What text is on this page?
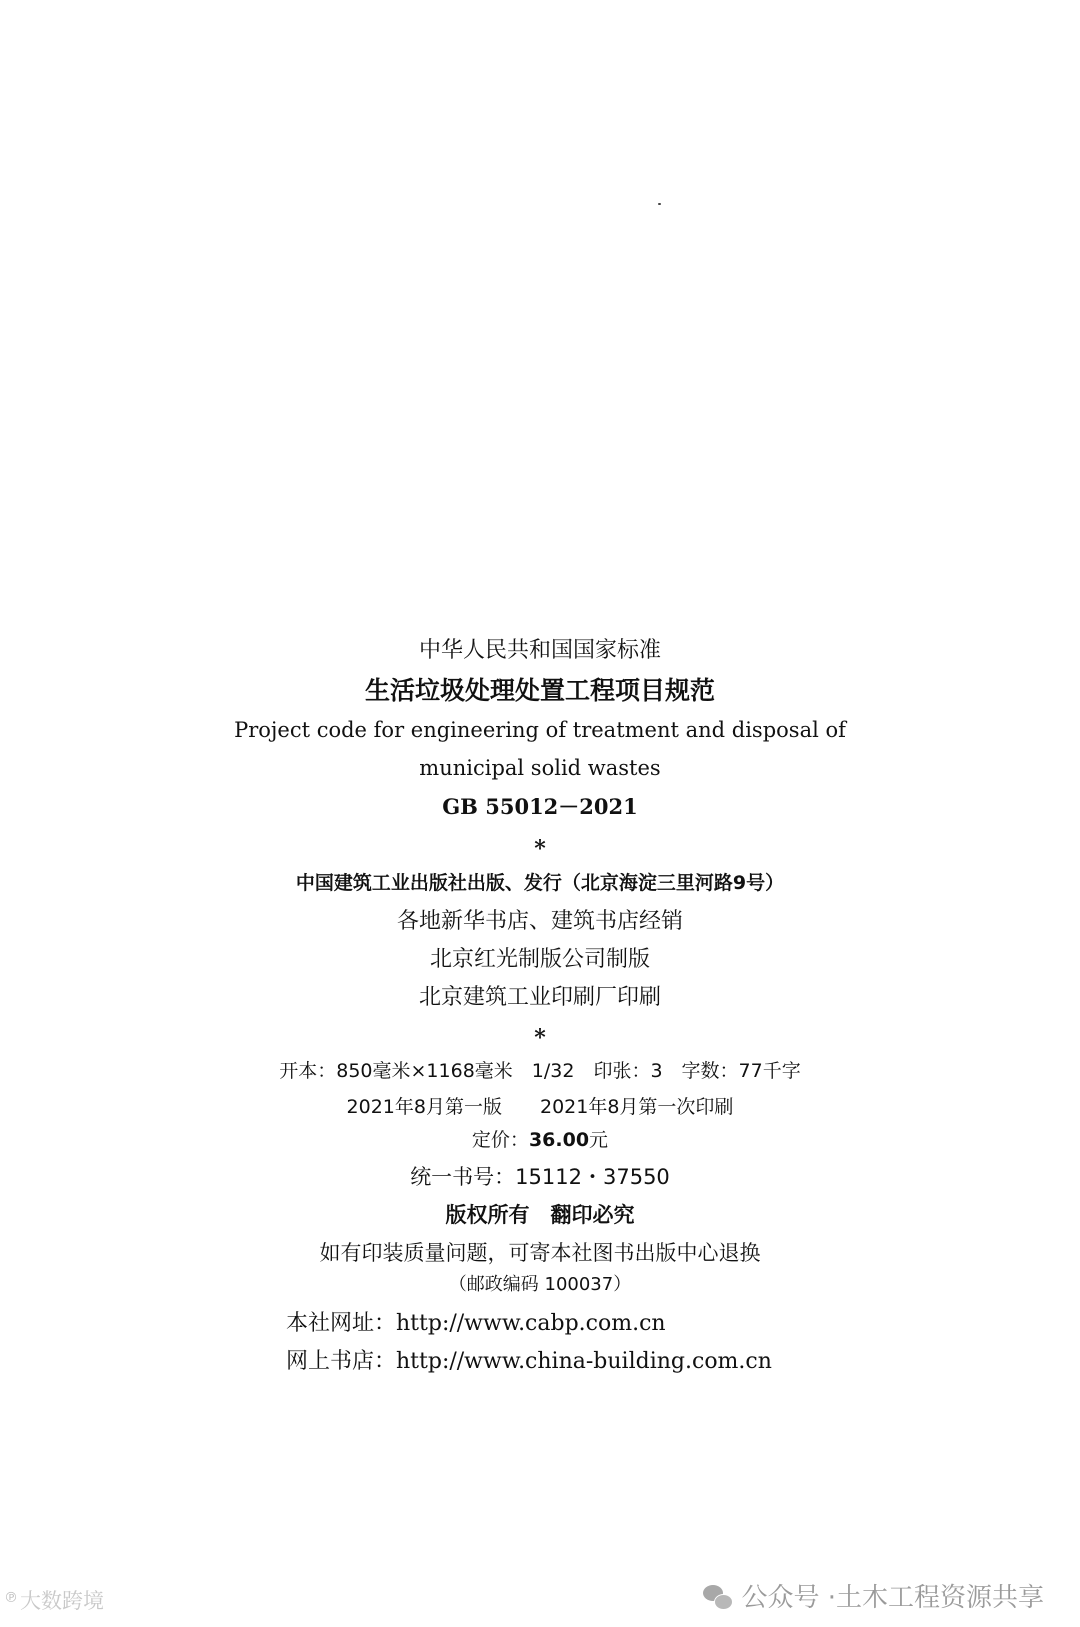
中华人民共和国国家标准
生活垃圾处理处置工程项目规范
Project code for engineering of treatment and disposal of
municipal solid wastes
GB 55012－2021
*
中国建筑工业出版社出版、发行（北京海淀三里河路9号）
各地新华书店、建筑书店经销
北京红光制版公司制版
北京建筑工业印刷厂印刷
*
开本：850毫米×1168毫米　1/32　印张：3　字数：77千字
2021年8月第一版　　2021年8月第一次印刷
定价：36.00元
统一书号：15112・37550
版权所有　翻印必究
如有印装质量问题，可寄本社图书出版中心退换
（邮政编码 100037）
本社网址：http://www.cabp.com.cn
网上书店：http://www.china-building.com.cn
℗大数跨境	公众号 · 土木工程资源共享
